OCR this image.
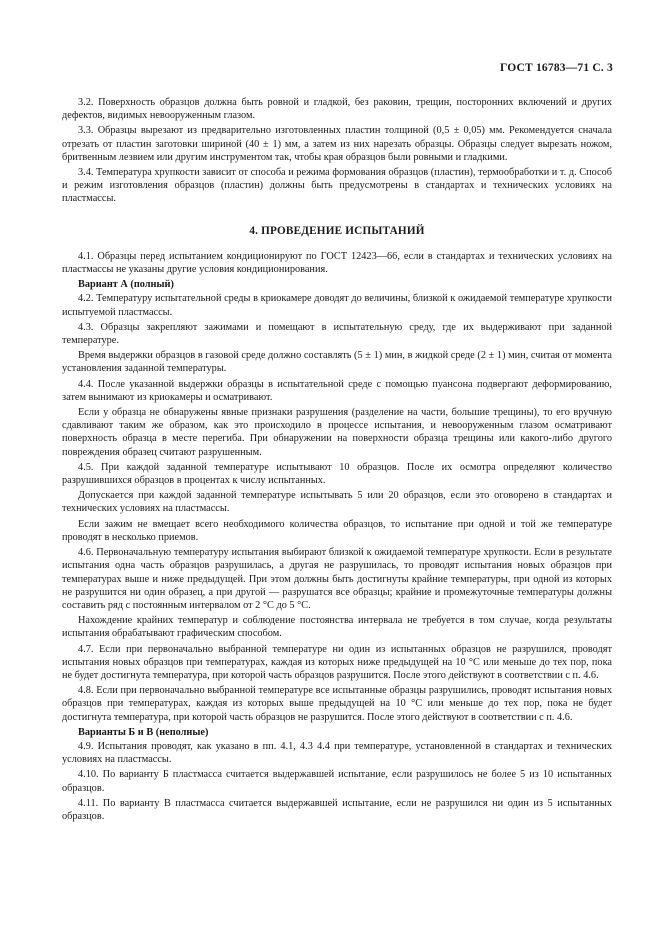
ГОСТ 16783—71 С. 3

3.2. Поверхность образцов должна быть ровной и гладкой, без раковин, трещин, посторонних включений и других дефектов, видимых невооруженным глазом.

3.3. Образцы вырезают из предварительно изготовленных пластин толщиной (0,5 ± 0,05) мм. Рекомендуется сначала отрезать от пластин заготовки шириной (40 ± 1) мм, а затем из них нарезать образцы. Образцы следует вырезать ножом, бритвенным лезвием или другим инструментом так, чтобы края образцов были ровными и гладкими.

3.4. Температура хрупкости зависит от способа и режима формования образцов (пластин), термообработки и т. д. Способ и режим изготовления образцов (пластин) должны быть предусмотрены в стандартах и технических условиях на пластмассы.

4. ПРОВЕДЕНИЕ ИСПЫТАНИЙ

4.1. Образцы перед испытанием кондиционируют по ГОСТ 12423—66, если в стандартах и технических условиях на пластмассы не указаны другие условия кондиционирования.

Вариант А (полный)

4.2. Температуру испытательной среды в криокамере доводят до величины, близкой к ожидаемой температуре хрупкости испытуемой пластмассы.

4.3. Образцы закрепляют зажимами и помещают в испытательную среду, где их выдерживают при заданной температуре.

Время выдержки образцов в газовой среде должно составлять (5 ± 1) мин, в жидкой среде (2 ± 1) мин, считая от момента установления заданной температуры.

4.4. После указанной выдержки образцы в испытательной среде с помощью пуансона подвергают деформированию, затем вынимают из криокамеры и осматривают.

Если у образца не обнаружены явные признаки разрушения (разделение на части, большие трещины), то его вручную сдавливают таким же образом, как это происходило в процессе испытания, и невооруженным глазом осматривают поверхность образца в месте перегиба. При обнаружении на поверхности образца трещины или какого-либо другого повреждения образец считают разрушенным.

4.5. При каждой заданной температуре испытывают 10 образцов. После их осмотра определяют количество разрушившихся образцов в процентах к числу испытанных.

Допускается при каждой заданной температуре испытывать 5 или 20 образцов, если это оговорено в стандартах и технических условиях на пластмассы.

Если зажим не вмещает всего необходимого количества образцов, то испытание при одной и той же температуре проводят в несколько приемов.

4.6. Первоначальную температуру испытания выбирают близкой к ожидаемой температуре хрупкости. Если в результате испытания одна часть образцов разрушилась, а другая не разрушилась, то проводят испытания новых образцов при температурах выше и ниже предыдущей. При этом должны быть достигнуты крайние температуры, при одной из которых не разрушится ни один образец, а при другой — разрушатся все образцы; крайние и промежуточные температуры должны составить ряд с постоянным интервалом от 2 °С до 5 °С.

Нахождение крайних температур и соблюдение постоянства интервала не требуется в том случае, когда результаты испытания обрабатывают графическим способом.

4.7. Если при первоначально выбранной температуре ни один из испытанных образцов не разрушился, проводят испытания новых образцов при температурах, каждая из которых ниже предыдущей на 10 °С или меньше до тех пор, пока не будет достигнута температура, при которой часть образцов разрушится. После этого действуют в соответствии с п. 4.6.

4.8. Если при первоначально выбранной температуре все испытанные образцы разрушились, проводят испытания новых образцов при температурах, каждая из которых выше предыдущей на 10 °С или меньше до тех пор, пока не будет достигнута температура, при которой часть образцов не разрушится. После этого действуют в соответствии с п. 4.6.

Варианты Б и В (неполные)

4.9. Испытания проводят, как указано в пп. 4.1, 4.3 4.4 при температуре, установленной в стандартах и технических условиях на пластмассы.

4.10. По варианту Б пластмасса считается выдержавшей испытание, если разрушилось не более 5 из 10 испытанных образцов.

4.11. По варианту В пластмасса считается выдержавшей испытание, если не разрушился ни один из 5 испытанных образцов.
